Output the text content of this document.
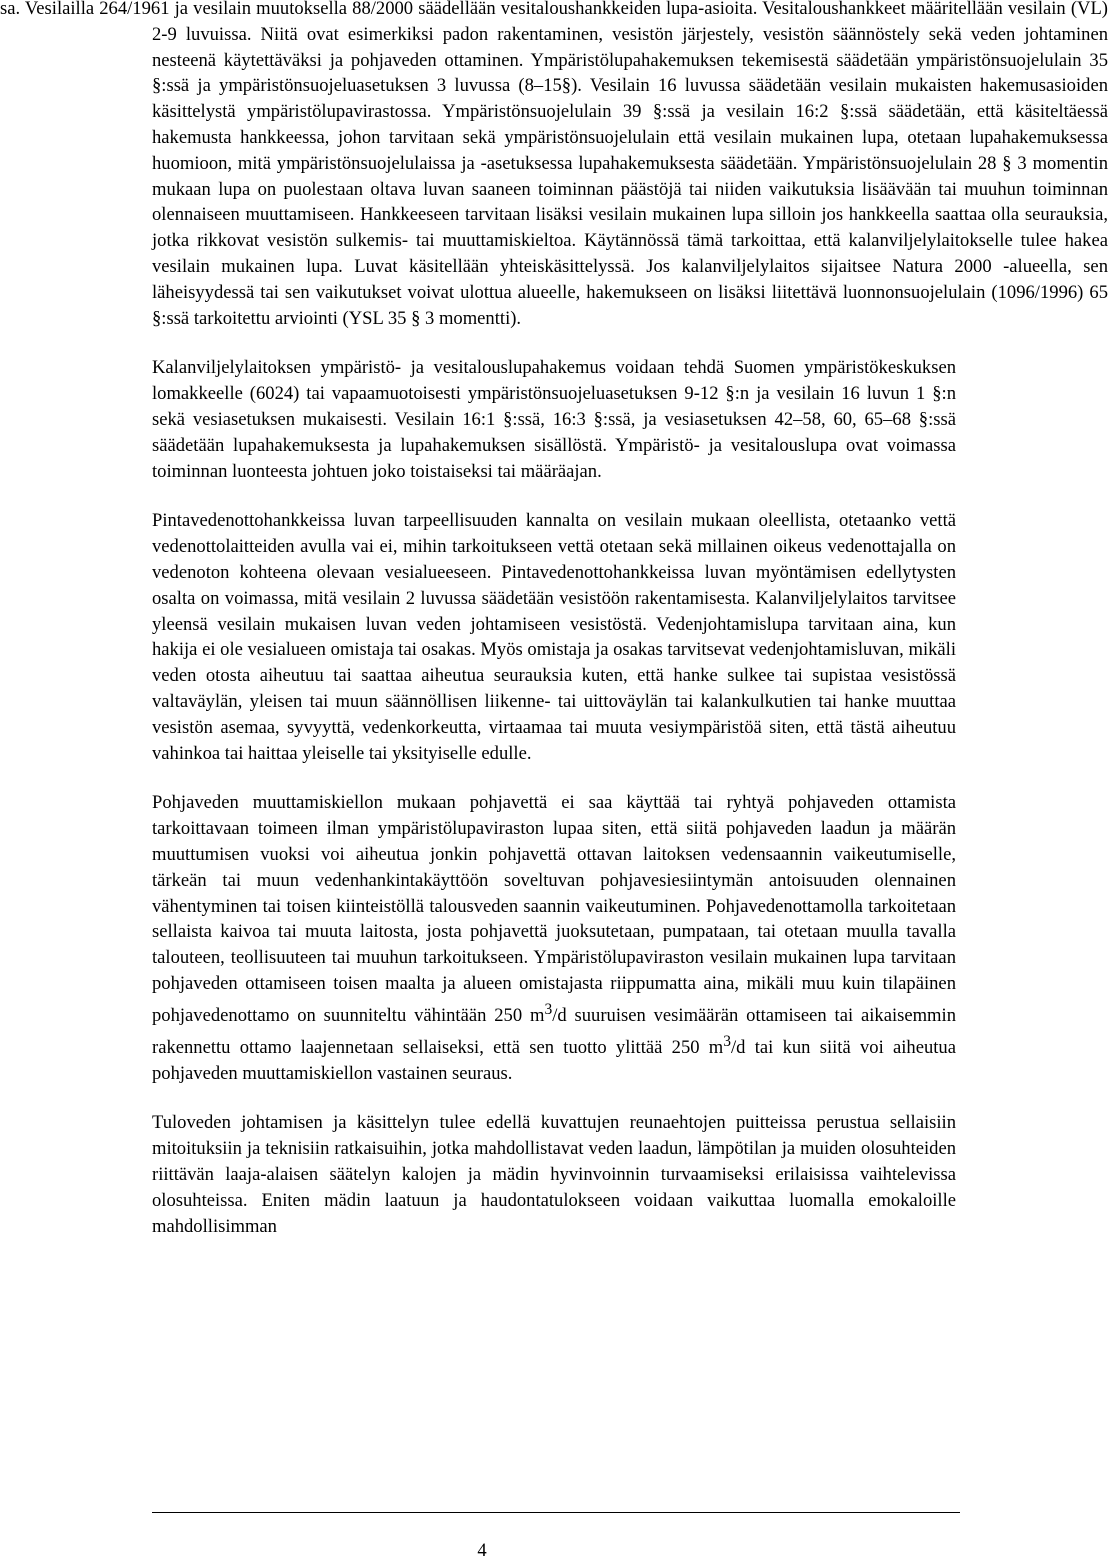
sa. Vesilailla 264/1961 ja vesilain muutoksella 88/2000 säädellään vesitaloushankkeiden lupa-asioita. Vesitaloushankkeet määritellään vesilain (VL) 2-9 luvuissa. Niitä ovat esimerkiksi padon rakentaminen, vesistön järjestely, vesistön säännöstely sekä veden johtaminen nesteenä käytettäväksi ja pohjaveden ottaminen. Ympäristölupahakemuksen tekemisestä säädetään ympäristönsuojelulain 35 §:ssä ja ympäristönsuojeluasetuksen 3 luvussa (8–15§). Vesilain 16 luvussa säädetään vesilain mukaisten hakemusasioiden käsittelystä ympäristölupavirastossa. Ympäristönsuojelulain 39 §:ssä ja vesilain 16:2 §:ssä säädetään, että käsiteltäessä hakemusta hankkeessa, johon tarvitaan sekä ympäristönsuojelulain että vesilain mukainen lupa, otetaan lupahakemuksessa huomioon, mitä ympäristönsuojelulaissa ja -asetuksessa lupahakemuksesta säädetään. Ympäristönsuojelulain 28 § 3 momentin mukaan lupa on puolestaan oltava luvan saaneen toiminnan päästöjä tai niiden vaikutuksia lisäävään tai muuhun toiminnan olennaiseen muuttamiseen. Hankkeeseen tarvitaan lisäksi vesilain mukainen lupa silloin jos hankkeella saattaa olla seurauksia, jotka rikkovat vesistön sulkemis- tai muuttamiskieltoa. Käytännössä tämä tarkoittaa, että kalanviljelylaitokselle tulee hakea vesilain mukainen lupa. Luvat käsitellään yhteiskäsittelyssä. Jos kalanviljelylaitos sijaitsee Natura 2000 -alueella, sen läheisyydessä tai sen vaikutukset voivat ulottua alueelle, hakemukseen on lisäksi liitettävä luonnonsuojelulain (1096/1996) 65 §:ssä tarkoitettu arviointi (YSL 35 § 3 momentti).

Kalanviljelylaitoksen ympäristö- ja vesitalouslupahakemus voidaan tehdä Suomen ympäristökeskuksen lomakkeelle (6024) tai vapaamuotoisesti ympäristönsuojeluasetuksen 9-12 §:n ja vesilain 16 luvun 1 §:n sekä vesiasetuksen mukaisesti. Vesilain 16:1 §:ssä, 16:3 §:ssä, ja vesiasetuksen 42–58, 60, 65–68 §:ssä säädetään lupahakemuksesta ja lupahakemuksen sisällöstä. Ympäristö- ja vesitalouslupa ovat voimassa toiminnan luonteesta johtuen joko toistaiseksi tai määräajan.

Pintavedenottohankkeissa luvan tarpeellisuuden kannalta on vesilain mukaan oleellista, otetaanko vettä vedenottolaitteiden avulla vai ei, mihin tarkoitukseen vettä otetaan sekä millainen oikeus vedenottajalla on vedenoton kohteena olevaan vesialueeseen. Pintavedenottohankkeissa luvan myöntämisen edellytysten osalta on voimassa, mitä vesilain 2 luvussa säädetään vesistöön rakentamisesta. Kalanviljelylaitos tarvitsee yleensä vesilain mukaisen luvan veden johtamiseen vesistöstä. Vedenjohtamislupa tarvitaan aina, kun hakija ei ole vesialueen omistaja tai osakas. Myös omistaja ja osakas tarvitsevat vedenjohtamisluvan, mikäli veden otosta aiheutuu tai saattaa aiheutua seurauksia kuten, että hanke sulkee tai supistaa vesistössä valtaväylän, yleisen tai muun säännöllisen liikenne- tai uittoväylän tai kalankulkutien tai hanke muuttaa vesistön asemaa, syvyyttä, vedenkorkeutta, virtaamaa tai muuta vesiympäristöä siten, että tästä aiheutuu vahinkoa tai haittaa yleiselle tai yksityiselle edulle.

Pohjaveden muuttamiskiellon mukaan pohjavettä ei saa käyttää tai ryhtyä pohjaveden ottamista tarkoittavaan toimeen ilman ympäristölupaviraston lupaa siten, että siitä pohjaveden laadun ja määrän muuttumisen vuoksi voi aiheutua jonkin pohjavettä ottavan laitoksen vedensaannin vaikeutumiselle, tärkeän tai muun vedenhankintakäyttöön soveltuvan pohjavesiesiintymän antoisuuden olennainen vähentyminen tai toisen kiinteistöllä talousveden saannin vaikeutuminen. Pohjavedenottamolla tarkoitetaan sellaista kaivoa tai muuta laitosta, josta pohjavettä juoksutetaan, pumpataan, tai otetaan muulla tavalla talouteen, teollisuuteen tai muuhun tarkoitukseen. Ympäristölupaviraston vesilain mukainen lupa tarvitaan pohjaveden ottamiseen toisen maalta ja alueen omistajasta riippumatta aina, mikäli muu kuin tilapäinen pohjavedenottamo on suunniteltu vähintään 250 $m^3/d$ suuruisen vesimäärän ottamiseen tai aikaisemmin rakennettu ottamo laajennetaan sellaiseksi, että sen tuotto ylittää 250 $m^3/d$ tai kun siitä voi aiheutua pohjaveden muuttamiskiellon vastainen seuraus.

Tuloveden johtamisen ja käsittelyn tulee edellä kuvattujen reunaehtojen puitteissa perustua sellaisiin mitoituksiin ja teknisiin ratkaisuihin, jotka mahdollistavat veden laadun, lämpötilan ja muiden olosuhteiden riittävän laaja-alaisen säätelyn kalojen ja mädin hyvinvoinnin turvaamiseksi erilaisissa vaihtelevissa olosuhteissa. Eniten mädin laatuun ja haudontatulokseen voidaan vaikuttaa luomalla emokaloille mahdollisimman

4
